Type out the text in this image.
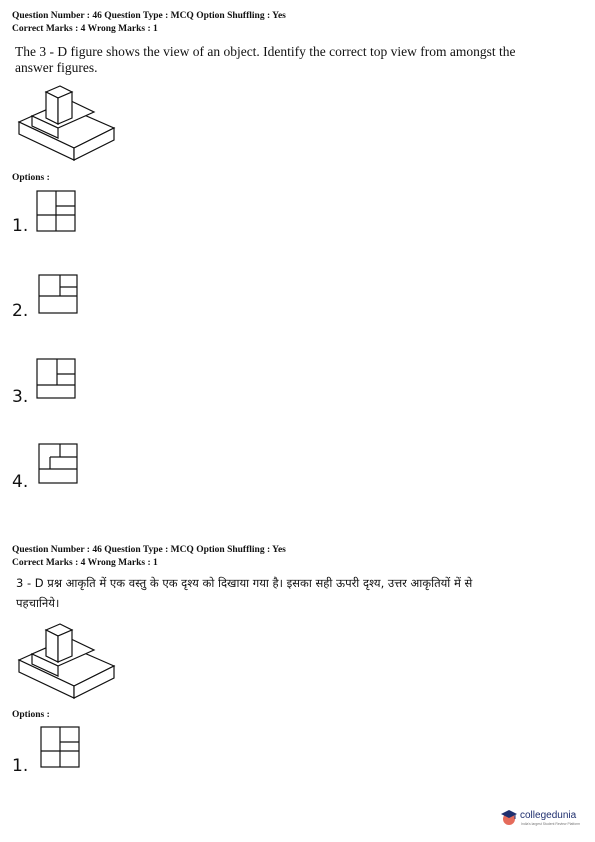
Question Number : 46 Question Type : MCQ Option Shuffling : Yes
Correct Marks : 4 Wrong Marks : 1
The 3 - D figure shows the view of an object. Identify the correct top view from amongst the
answer figures.
Options :
1.
2.
3.
4.
Question Number : 46 Question Type : MCQ Option Shuffling : Yes
Correct Marks : 4 Wrong Marks : 1
3 - D प्रश्न आकृति में एक वस्तु के एक दृश्य को दिखाया गया है। इसका सही ऊपरी दृश्य, उत्तर आकृतियों में से
पहचानिये।
Options :
1.
collegedunia
India's largest Student Review Platform
